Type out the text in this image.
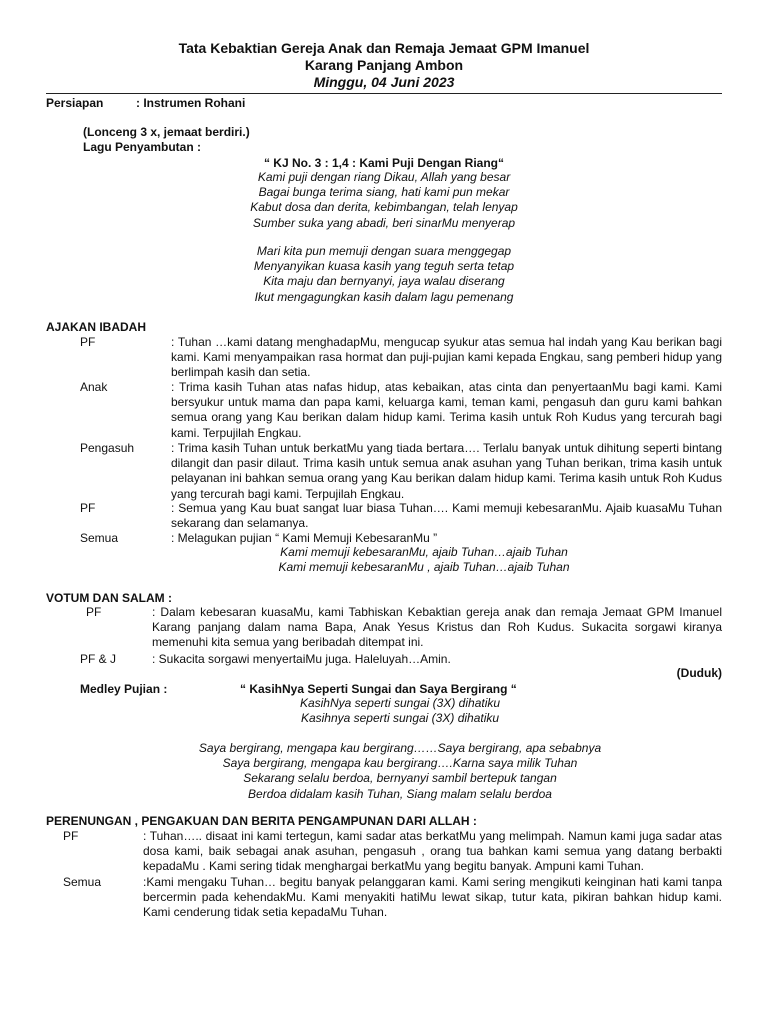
Tata Kebaktian Gereja Anak dan Remaja Jemaat GPM Imanuel
Karang Panjang Ambon
Minggu, 04 Juni 2023
Persiapan	: Instrumen Rohani
(Lonceng 3 x, jemaat berdiri.)
Lagu Penyambutan :
“ KJ No. 3 : 1,4 : Kami Puji Dengan Riang“
Kami puji dengan riang Dikau, Allah yang besar
Bagai bunga terima siang, hati kami pun mekar
Kabut dosa dan derita, kebimbangan, telah lenyap
Sumber suka yang abadi, beri sinarMu menyerap
Mari kita pun memuji dengan suara menggegap
Menyanyikan kuasa kasih yang teguh serta tetap
Kita maju dan bernyanyi, jaya walau diserang
Ikut mengagungkan kasih dalam lagu pemenang
AJAKAN IBADAH
PF	: Tuhan …kami datang menghadapMu, mengucap syukur atas semua hal indah yang Kau berikan bagi kami. Kami menyampaikan rasa hormat dan puji-pujian kami kepada Engkau, sang pemberi hidup yang berlimpah kasih dan setia.
Anak	: Trima kasih Tuhan atas nafas hidup, atas kebaikan, atas cinta dan penyertaanMu bagi kami. Kami bersyukur untuk mama dan papa kami, keluarga kami, teman kami, pengasuh dan guru kami bahkan semua orang yang Kau berikan dalam hidup kami. Terima kasih untuk Roh Kudus yang tercurah bagi kami. Terpujilah Engkau.
Pengasuh	: Trima kasih Tuhan untuk berkatMu yang tiada bertara…. Terlalu banyak untuk dihitung seperti bintang dilangit dan pasir dilaut. Trima kasih untuk semua anak asuhan yang Tuhan berikan, trima kasih untuk pelayanan ini bahkan semua orang yang Kau berikan dalam hidup kami. Terima kasih untuk Roh Kudus yang tercurah bagi kami. Terpujilah Engkau.
PF	: Semua yang Kau buat sangat luar biasa Tuhan…. Kami memuji kebesaranMu. Ajaib kuasaMu Tuhan sekarang dan selamanya.
Semua	: Melagukan pujian “ Kami Memuji KebesaranMu ”
Kami memuji kebesaranMu, ajaib Tuhan…ajaib Tuhan
Kami memuji kebesaranMu , ajaib Tuhan…ajaib Tuhan
VOTUM DAN SALAM :
PF	: Dalam kebesaran kuasaMu, kami Tabhiskan Kebaktian gereja anak dan remaja Jemaat GPM Imanuel Karang panjang dalam nama Bapa, Anak Yesus Kristus dan Roh Kudus. Sukacita sorgawi kiranya memenuhi kita semua yang beribadah ditempat ini.
PF & J	: Sukacita sorgawi menyertaiMu juga. Haleluyah…Amin.
(Duduk)
Medley Pujian :	“ KasihNya Seperti Sungai dan Saya Bergirang “
KasihNya seperti sungai (3X) dihatiku
Kasihnya seperti sungai (3X) dihatiku
Saya bergirang, mengapa kau bergirang……Saya bergirang, apa sebabnya
Saya bergirang, mengapa kau bergirang….Karna saya milik Tuhan
Sekarang selalu berdoa, bernyanyi sambil bertepuk tangan
Berdoa didalam kasih Tuhan, Siang malam selalu berdoa
PERENUNGAN , PENGAKUAN DAN BERITA PENGAMPUNAN DARI ALLAH :
PF	: Tuhan….. disaat ini kami tertegun, kami sadar atas berkatMu yang melimpah. Namun kami juga sadar atas dosa kami, baik sebagai anak asuhan, pengasuh , orang tua bahkan kami semua yang datang berbakti kepadaMu . Kami sering tidak menghargai berkatMu yang begitu banyak. Ampuni kami Tuhan.
Semua	:Kami mengaku Tuhan… begitu banyak pelanggaran kami. Kami sering mengikuti keinginan hati kami tanpa bercermin pada kehendakMu. Kami menyakiti hatiMu lewat sikap, tutur kata, pikiran bahkan hidup kami. Kami cenderung tidak setia kepadaMu Tuhan.
